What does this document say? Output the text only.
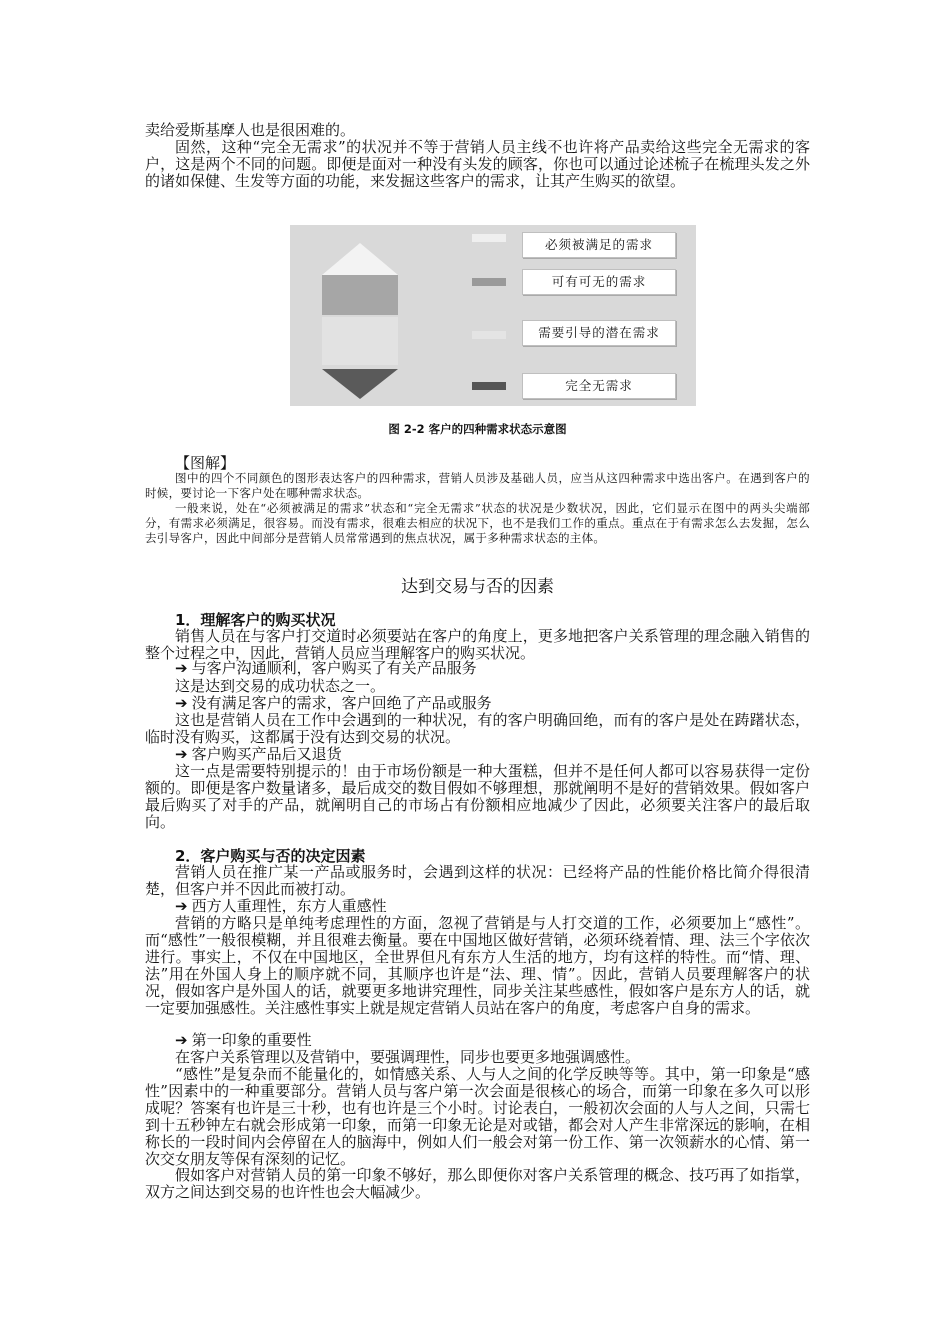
卖给爱斯基摩人也是很困难的。

固然，这种“完全无需求”的状况并不等于营销人员主线不也许将产品卖给这些完全无需求的客户，这是两个不同的问题。即便是面对一种没有头发的顾客，你也可以通过论述梳子在梳理头发之外的诸如保健、生发等方面的功能，来发掘这些客户的需求，让其产生购买的欲望。

必须被满足的需求
可有可无的需求
需要引导的潜在需求
完全无需求
图 2-2 客户的四种需求状态示意图
【图解】

图中的四个不同颜色的图形表达客户的四种需求，营销人员涉及基础人员，应当从这四种需求中选出客户。在遇到客户的时候，要讨论一下客户处在哪种需求状态。

一般来说，处在“必须被满足的需求”状态和“完全无需求”状态的状况是少数状况，因此，它们显示在图中的两头尖端部分，有需求必须满足，很容易。而没有需求，很难去相应的状况下，也不是我们工作的重点。重点在于有需求怎么去发掘，怎么去引导客户，因此中间部分是营销人员常常遇到的焦点状况，属于多种需求状态的主体。

达到交易与否的因素
1．理解客户的购买状况

销售人员在与客户打交道时必须要站在客户的角度上，更多地把客户关系管理的理念融入销售的整个过程之中，因此，营销人员应当理解客户的购买状况。

➔ 与客户沟通顺利，客户购买了有关产品服务

这是达到交易的成功状态之一。

➔ 没有满足客户的需求，客户回绝了产品或服务

这也是营销人员在工作中会遇到的一种状况，有的客户明确回绝，而有的客户是处在踌躇状态，临时没有购买，这都属于没有达到交易的状况。

➔ 客户购买产品后又退货

这一点是需要特别提示的！由于市场份额是一种大蛋糕，但并不是任何人都可以容易获得一定份额的。即便是客户数量诸多，最后成交的数目假如不够理想，那就阐明不是好的营销效果。假如客户最后购买了对手的产品，就阐明自己的市场占有份额相应地减少了因此，必须要关注客户的最后取向。

2．客户购买与否的决定因素

营销人员在推广某一产品或服务时，会遇到这样的状况：已经将产品的性能价格比简介得很清楚，但客户并不因此而被打动。

➔ 西方人重理性，东方人重感性

营销的方略只是单纯考虑理性的方面，忽视了营销是与人打交道的工作，必须要加上“感性”。而“感性”一般很模糊，并且很难去衡量。要在中国地区做好营销，必须环绕着情、理、法三个字依次进行。事实上，不仅在中国地区，全世界但凡有东方人生活的地方，均有这样的特性。而“情、理、法”用在外国人身上的顺序就不同，其顺序也许是“法、理、情”。因此，营销人员要理解客户的状况，假如客户是外国人的话，就要更多地讲究理性，同步关注某些感性，假如客户是东方人的话，就一定要加强感性。关注感性事实上就是规定营销人员站在客户的角度，考虑客户自身的需求。

➔ 第一印象的重要性

在客户关系管理以及营销中，要强调理性，同步也要更多地强调感性。

“感性”是复杂而不能量化的，如情感关系、人与人之间的化学反映等等。其中，第一印象是“感性”因素中的一种重要部分。营销人员与客户第一次会面是很核心的场合，而第一印象在多久可以形成呢？答案有也许是三十秒，也有也许是三个小时。讨论表白，一般初次会面的人与人之间，只需七到十五秒钟左右就会形成第一印象，而第一印象无论是对或错，都会对人产生非常深远的影响，在相称长的一段时间内会停留在人的脑海中，例如人们一般会对第一份工作、第一次领薪水的心情、第一次交女朋友等保有深刻的记忆。

假如客户对营销人员的第一印象不够好，那么即便你对客户关系管理的概念、技巧再了如指掌，双方之间达到交易的也许性也会大幅减少。
